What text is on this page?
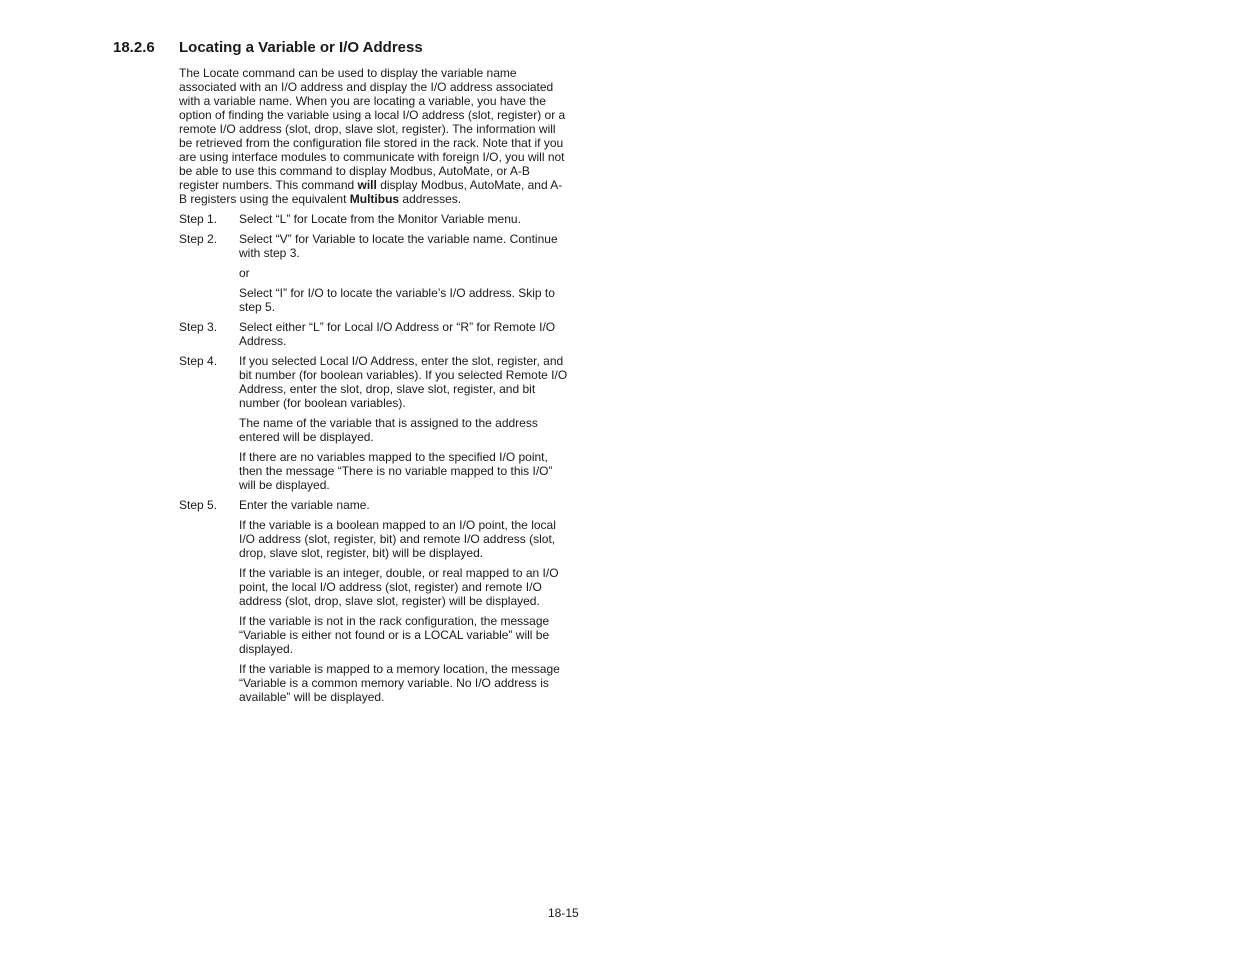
18.2.6 Locating a Variable or I/O Address

The Locate command can be used to display the variable name associated with an I/O address and display the I/O address associated with a variable name. When you are locating a variable, you have the option of finding the variable using a local I/O address (slot, register) or a remote I/O address (slot, drop, slave slot, register). The information will be retrieved from the configuration file stored in the rack. Note that if you are using interface modules to communicate with foreign I/O, you will not be able to use this command to display Modbus, AutoMate, or A-B register numbers. This command will display Modbus, AutoMate, and A-B registers using the equivalent Multibus addresses.

Step 1.	Select “L” for Locate from the Monitor Variable menu.

Step 2.	Select “V” for Variable to locate the variable name. Continue with step 3.

or

Select “I” for I/O to locate the variable’s I/O address. Skip to step 5.

Step 3.	Select either “L” for Local I/O Address or “R” for Remote I/O Address.

Step 4.	If you selected Local I/O Address, enter the slot, register, and bit number (for boolean variables). If you selected Remote I/O Address, enter the slot, drop, slave slot, register, and bit number (for boolean variables).

The name of the variable that is assigned to the address entered will be displayed.

If there are no variables mapped to the specified I/O point, then the message “There is no variable mapped to this I/O” will be displayed.

Step 5.	Enter the variable name.

If the variable is a boolean mapped to an I/O point, the local I/O address (slot, register, bit) and remote I/O address (slot, drop, slave slot, register, bit) will be displayed.

If the variable is an integer, double, or real mapped to an I/O point, the local I/O address (slot, register) and remote I/O address (slot, drop, slave slot, register) will be displayed.

If the variable is not in the rack configuration, the message “Variable is either not found or is a LOCAL variable” will be displayed.

If the variable is mapped to a memory location, the message “Variable is a common memory variable. No I/O address is available” will be displayed.

18-15
